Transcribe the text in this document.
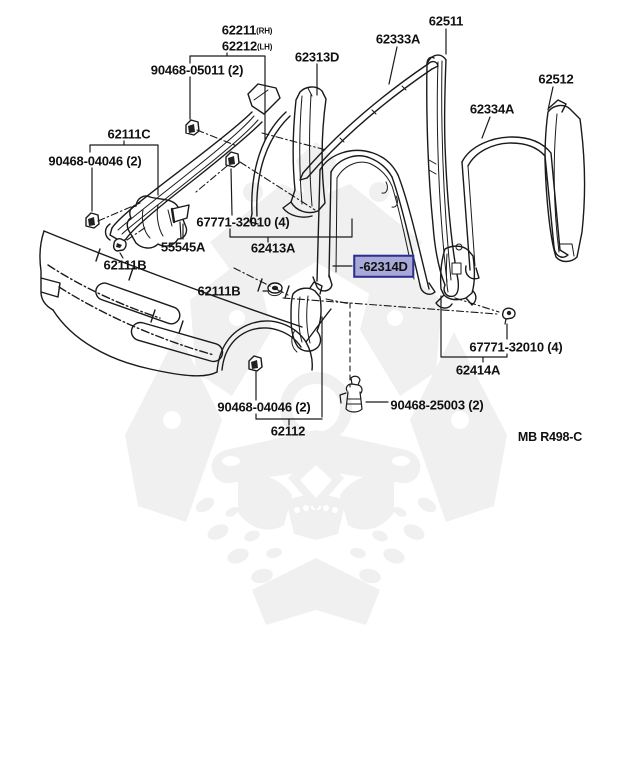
62211(RH)
62212(LH)
90468-05011 (2)
62313D
62333A
62511
62512
62334A
62111C
90468-04046 (2)
67771-32010 (4)
55545A	62413A
62111B	-62314D
62111B
67771-32010 (4)
62414A
90468-25003 (2)
90468-04046 (2)
62112	MB R498-C
